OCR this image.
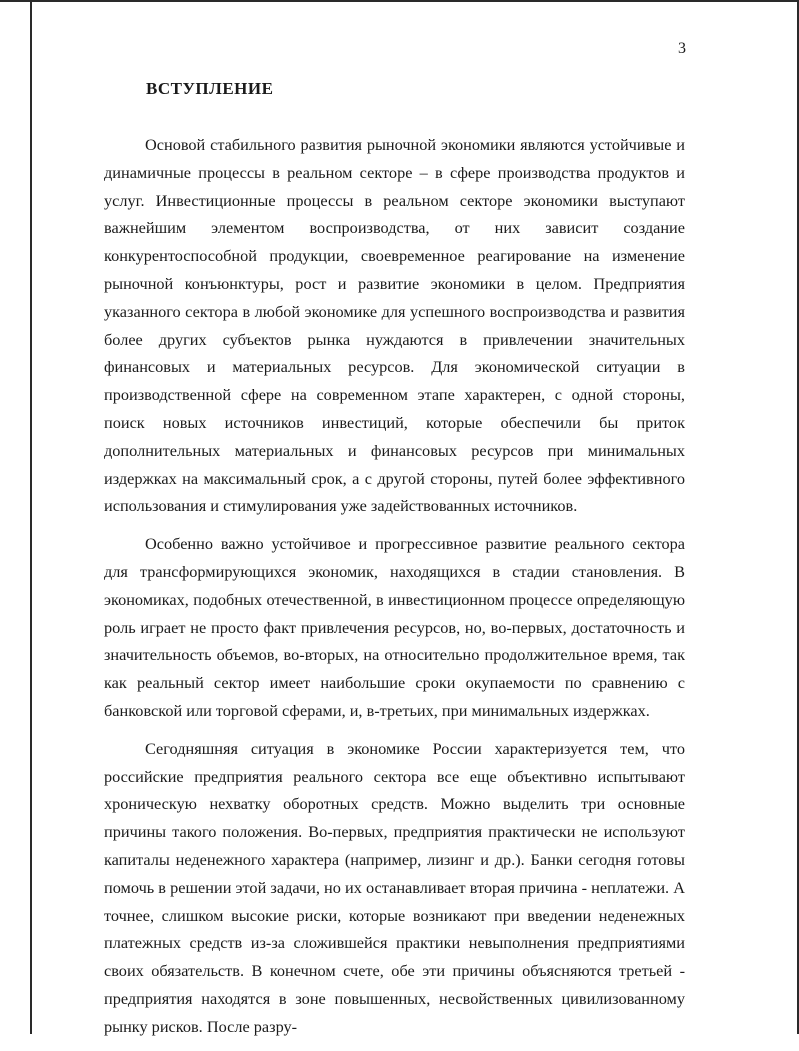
3
ВСТУПЛЕНИЕ

Основой стабильного развития рыночной экономики являются устойчивые и динамичные процессы в реальном секторе – в сфере производства продуктов и услуг. Инвестиционные процессы в реальном секторе экономики выступают важнейшим элементом воспроизводства, от них зависит создание конкурентоспособной продукции, своевременное реагирование на изменение рыночной конъюнктуры, рост и развитие экономики в целом. Предприятия указанного сектора в любой экономике для успешного воспроизводства и развития более других субъектов рынка нуждаются в привлечении значительных финансовых и материальных ресурсов. Для экономической ситуации в производственной сфере на современном этапе характерен, с одной стороны, поиск новых источников инвестиций, которые обеспечили бы приток дополнительных материальных и финансовых ресурсов при минимальных издержках на максимальный срок, а с другой стороны, путей более эффективного использования и стимулирования уже задействованных источников.

Особенно важно устойчивое и прогрессивное развитие реального сектора для трансформирующихся экономик, находящихся в стадии становления. В экономиках, подобных отечественной, в инвестиционном процессе определяющую роль играет не просто факт привлечения ресурсов, но, во-первых, достаточность и значительность объемов, во-вторых, на относительно продолжительное время, так как реальный сектор имеет наибольшие сроки окупаемости по сравнению с банковской или торговой сферами, и, в-третьих, при минимальных издержках.

Сегодняшняя ситуация в экономике России характеризуется тем, что российские предприятия реального сектора все еще объективно испытывают хроническую нехватку оборотных средств. Можно выделить три основные причины такого положения. Во-первых, предприятия практически не используют капиталы неденежного характера (например, лизинг и др.). Банки сегодня готовы помочь в решении этой задачи, но их останавливает вторая причина - неплатежи. А точнее, слишком высокие риски, которые возникают при введении неденежных платежных средств из-за сложившейся практики невыполнения предприятиями своих обязательств. В конечном счете, обе эти причины объясняются третьей - предприятия находятся в зоне повышенных, несвойственных цивилизованному рынку рисков. После разру-
